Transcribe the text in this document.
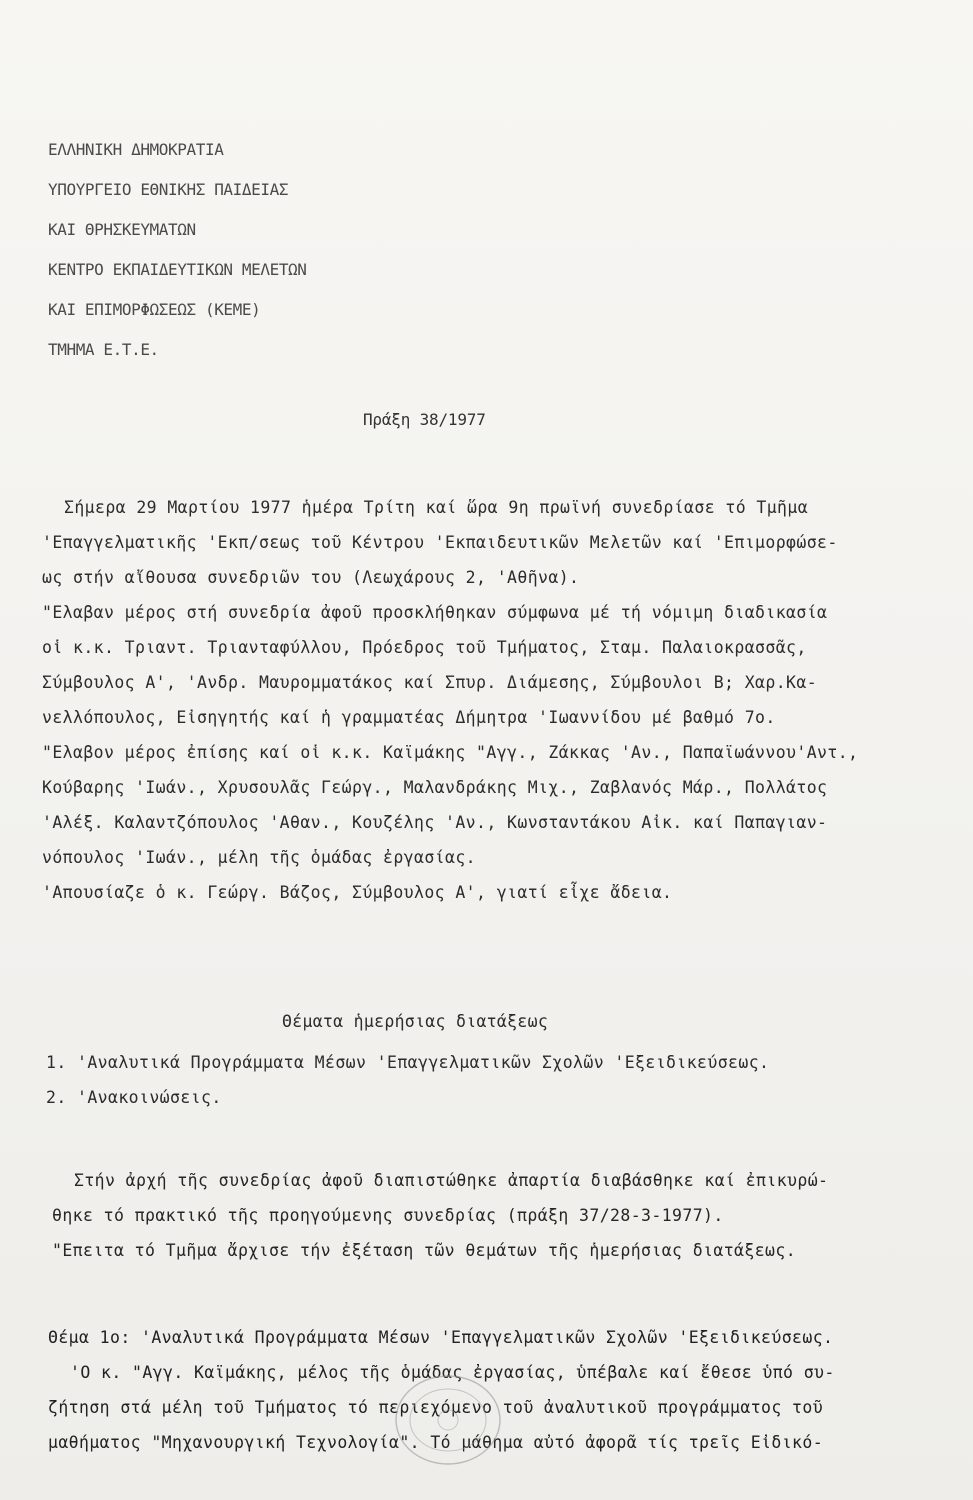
ΕΛΛΗΝΙΚΗ ΔΗΜΟΚΡΑΤΙΑ
ΥΠΟΥΡΓΕΙΟ ΕΘΝΙΚΗΣ ΠΑΙΔΕΙΑΣ
ΚΑΙ ΘΡΗΣΚΕΥΜΑΤΩΝ
ΚΕΝΤΡΟ ΕΚΠΑΙΔΕΥΤΙΚΩΝ ΜΕΛΕΤΩΝ
ΚΑΙ ΕΠΙΜΟΡΦΩΣΕΩΣ (ΚΕΜΕ)
ΤΜΗΜΑ Ε.Τ.Ε.
Πράξη 38/1977
Σήμερα 29 Μαρτίου 1977 ἡμέρα Τρίτη καί ὥρα 9η πρωϊνή συνεδρίασε τό Τμῆμα
'Επαγγελματικῆς 'Εκπ/σεως τοῦ Κέντρου 'Εκπαιδευτικῶν Μελετῶν καί 'Επιμορφώσε-
ως στήν αἴθουσα συνεδριῶν του (Λεωχάρους 2, 'Αθῆνα).
"Ελαβαν μέρος στή συνεδρία ἀφοῦ προσκλήθηκαν σύμφωνα μέ τή νόμιμη διαδικασία
οἱ κ.κ. Τριαντ. Τριανταφύλλου, Πρόεδρος τοῦ Τμήματος, Σταμ. Παλαιοκρασσᾶς,
Σύμβουλος Α', 'Ανδρ. Μαυρομματάκος καί Σπυρ. Διάμεσης, Σύμβουλοι Β; Χαρ.Κα-
νελλόπουλος, Εἰσηγητής καί ἡ γραμματέας Δήμητρα 'Ιωαννίδου μέ βαθμό 7ο.
"Ελαβον μέρος ἐπίσης καί οἱ κ.κ. Καϊμάκης "Αγγ., Ζάκκας 'Αν., Παπαϊωάννου'Αντ.,
Κούβαρης 'Ιωάν., Χρυσουλᾶς Γεώργ., Μαλανδράκης Μιχ., Ζαβλανός Μάρ., Πολλάτος
'Αλέξ. Καλαντζόπουλος 'Αθαν., Κουζέλης 'Αν., Κωνσταντάκου Αἰκ. καί Παπαγιαν-
νόπουλος 'Ιωάν., μέλη τῆς ὁμάδας ἐργασίας.
'Απουσίαζε ὁ κ. Γεώργ. Βάζος, Σύμβουλος Α', γιατί εἶχε ἄδεια.
Θέματα ἡμερήσιας διατάξεως
1. 'Αναλυτικά Προγράμματα Μέσων 'Επαγγελματικῶν Σχολῶν 'Εξειδικεύσεως.
2. 'Ανακοινώσεις.
Στήν ἀρχή τῆς συνεδρίας ἀφοῦ διαπιστώθηκε ἀπαρτία διαβάσθηκε καί ἐπικυρώ-
θηκε τό πρακτικό τῆς προηγούμενης συνεδρίας (πράξη 37/28-3-1977).
"Επειτα τό Τμῆμα ἄρχισε τήν ἐξέταση τῶν θεμάτων τῆς ἡμερήσιας διατάξεως.
Θέμα 1ο: 'Αναλυτικά Προγράμματα Μέσων 'Επαγγελματικῶν Σχολῶν 'Εξειδικεύσεως.
'Ο κ. "Αγγ. Καϊμάκης, μέλος τῆς ὁμάδας ἐργασίας, ὑπέβαλε καί ἔθεσε ὑπό συ-
ζήτηση στά μέλη τοῦ Τμήματος τό περιεχόμενο τοῦ ἀναλυτικοῦ προγράμματος τοῦ
μαθήματος "Μηχανουργική Τεχνολογία". Τό μάθημα αὐτό ἀφορᾶ τίς τρεῖς Εἰδικό-
